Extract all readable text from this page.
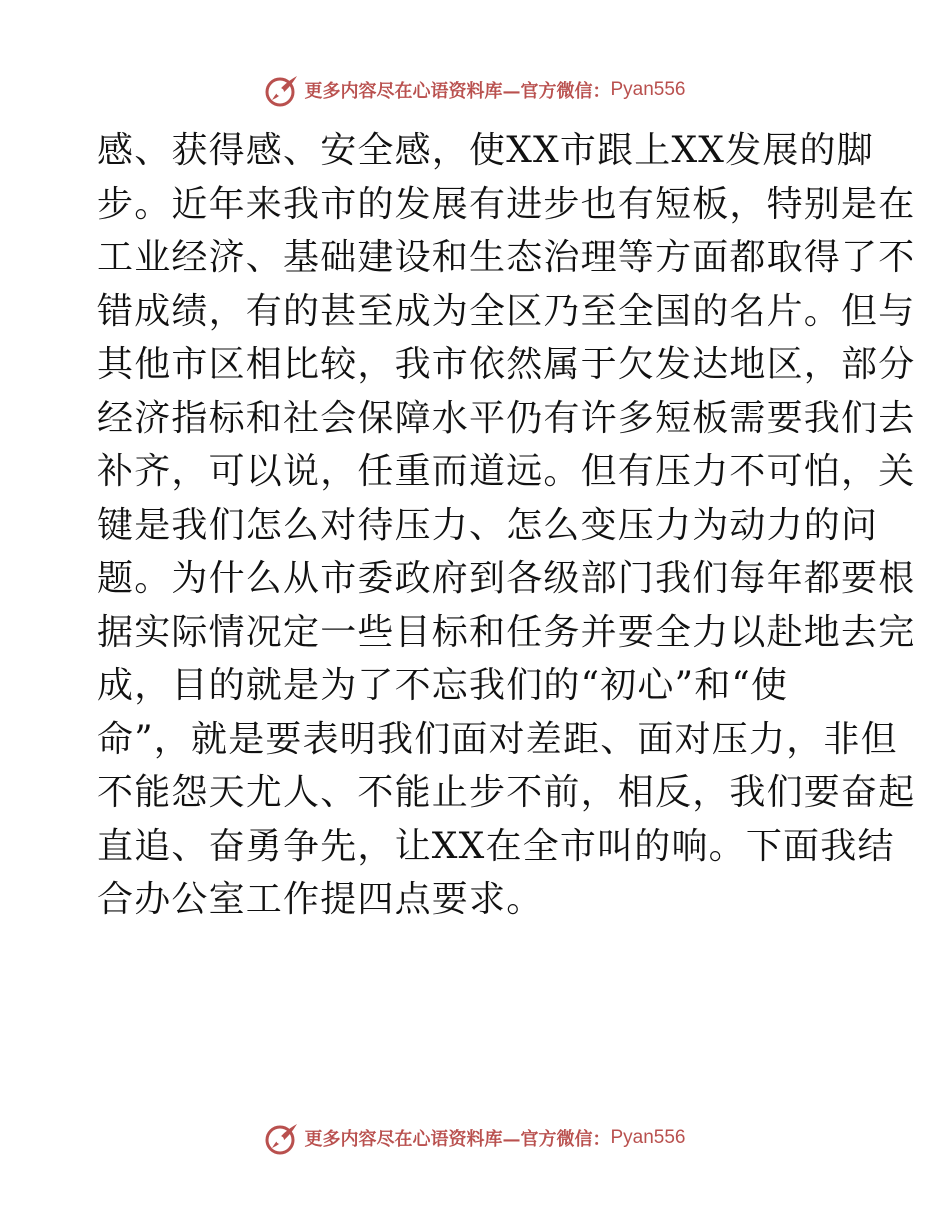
更多内容尽在心语资料库—官方微信： Pyan556
感、获得感、安全感，使XX市跟上XX发展的脚
步。近年来我市的发展有进步也有短板，特别是在
工业经济、基础建设和生态治理等方面都取得了不
错成绩，有的甚至成为全区乃至全国的名片。但与
其他市区相比较，我市依然属于欠发达地区，部分
经济指标和社会保障水平仍有许多短板需要我们去
补齐，可以说，任重而道远。但有压力不可怕，关
键是我们怎么对待压力、怎么变压力为动力的问
题。为什么从市委政府到各级部门我们每年都要根
据实际情况定一些目标和任务并要全力以赴地去完
成，目的就是为了不忘我们的“初心”和“使
命”，就是要表明我们面对差距、面对压力，非但
不能怨天尤人、不能止步不前，相反，我们要奋起
直追、奋勇争先，让XX在全市叫的响。下面我结
合办公室工作提四点要求。
更多内容尽在心语资料库—官方微信： Pyan556
